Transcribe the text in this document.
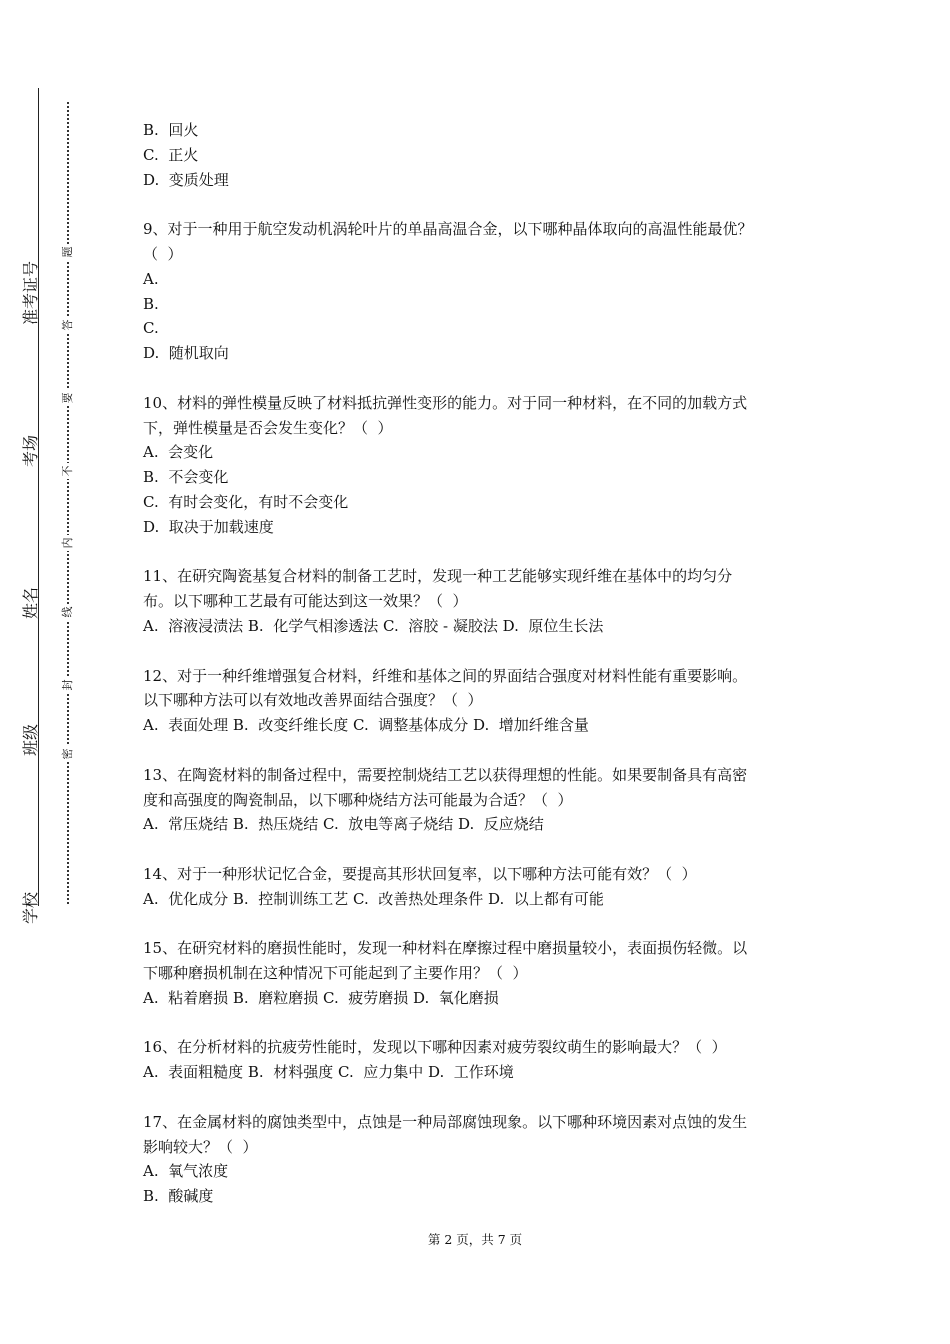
准考证号
考场
姓名
班级
学校
题
答
要
不
内
线
封
密
B.  回火
C.  正火
D.  变质处理
9、对于一种用于航空发动机涡轮叶片的单晶高温合金，以下哪种晶体取向的高温性能最优？
（  ）
A.
B.
C.
D.  随机取向
10、材料的弹性模量反映了材料抵抗弹性变形的能力。对于同一种材料，在不同的加载方式
下，弹性模量是否会发生变化？（  ）
A.  会变化
B.  不会变化
C.  有时会变化，有时不会变化
D.  取决于加载速度
11、在研究陶瓷基复合材料的制备工艺时，发现一种工艺能够实现纤维在基体中的均匀分
布。以下哪种工艺最有可能达到这一效果？（  ）
A.  溶液浸渍法 B.  化学气相渗透法 C.  溶胶 - 凝胶法 D.  原位生长法
12、对于一种纤维增强复合材料，纤维和基体之间的界面结合强度对材料性能有重要影响。
以下哪种方法可以有效地改善界面结合强度？（  ）
A.  表面处理 B.  改变纤维长度 C.  调整基体成分 D.  增加纤维含量
13、在陶瓷材料的制备过程中，需要控制烧结工艺以获得理想的性能。如果要制备具有高密
度和高强度的陶瓷制品，以下哪种烧结方法可能最为合适？（  ）
A.  常压烧结 B.  热压烧结 C.  放电等离子烧结 D.  反应烧结
14、对于一种形状记忆合金，要提高其形状回复率，以下哪种方法可能有效？（  ）
A.  优化成分 B.  控制训练工艺 C.  改善热处理条件 D.  以上都有可能
15、在研究材料的磨损性能时，发现一种材料在摩擦过程中磨损量较小，表面损伤轻微。以
下哪种磨损机制在这种情况下可能起到了主要作用？（  ）
A.  粘着磨损 B.  磨粒磨损 C.  疲劳磨损 D.  氧化磨损
16、在分析材料的抗疲劳性能时，发现以下哪种因素对疲劳裂纹萌生的影响最大？（  ）
A.  表面粗糙度 B.  材料强度 C.  应力集中 D.  工作环境
17、在金属材料的腐蚀类型中，点蚀是一种局部腐蚀现象。以下哪种环境因素对点蚀的发生
影响较大？（  ）
A.  氧气浓度
B.  酸碱度
第 2 页，共 7 页
